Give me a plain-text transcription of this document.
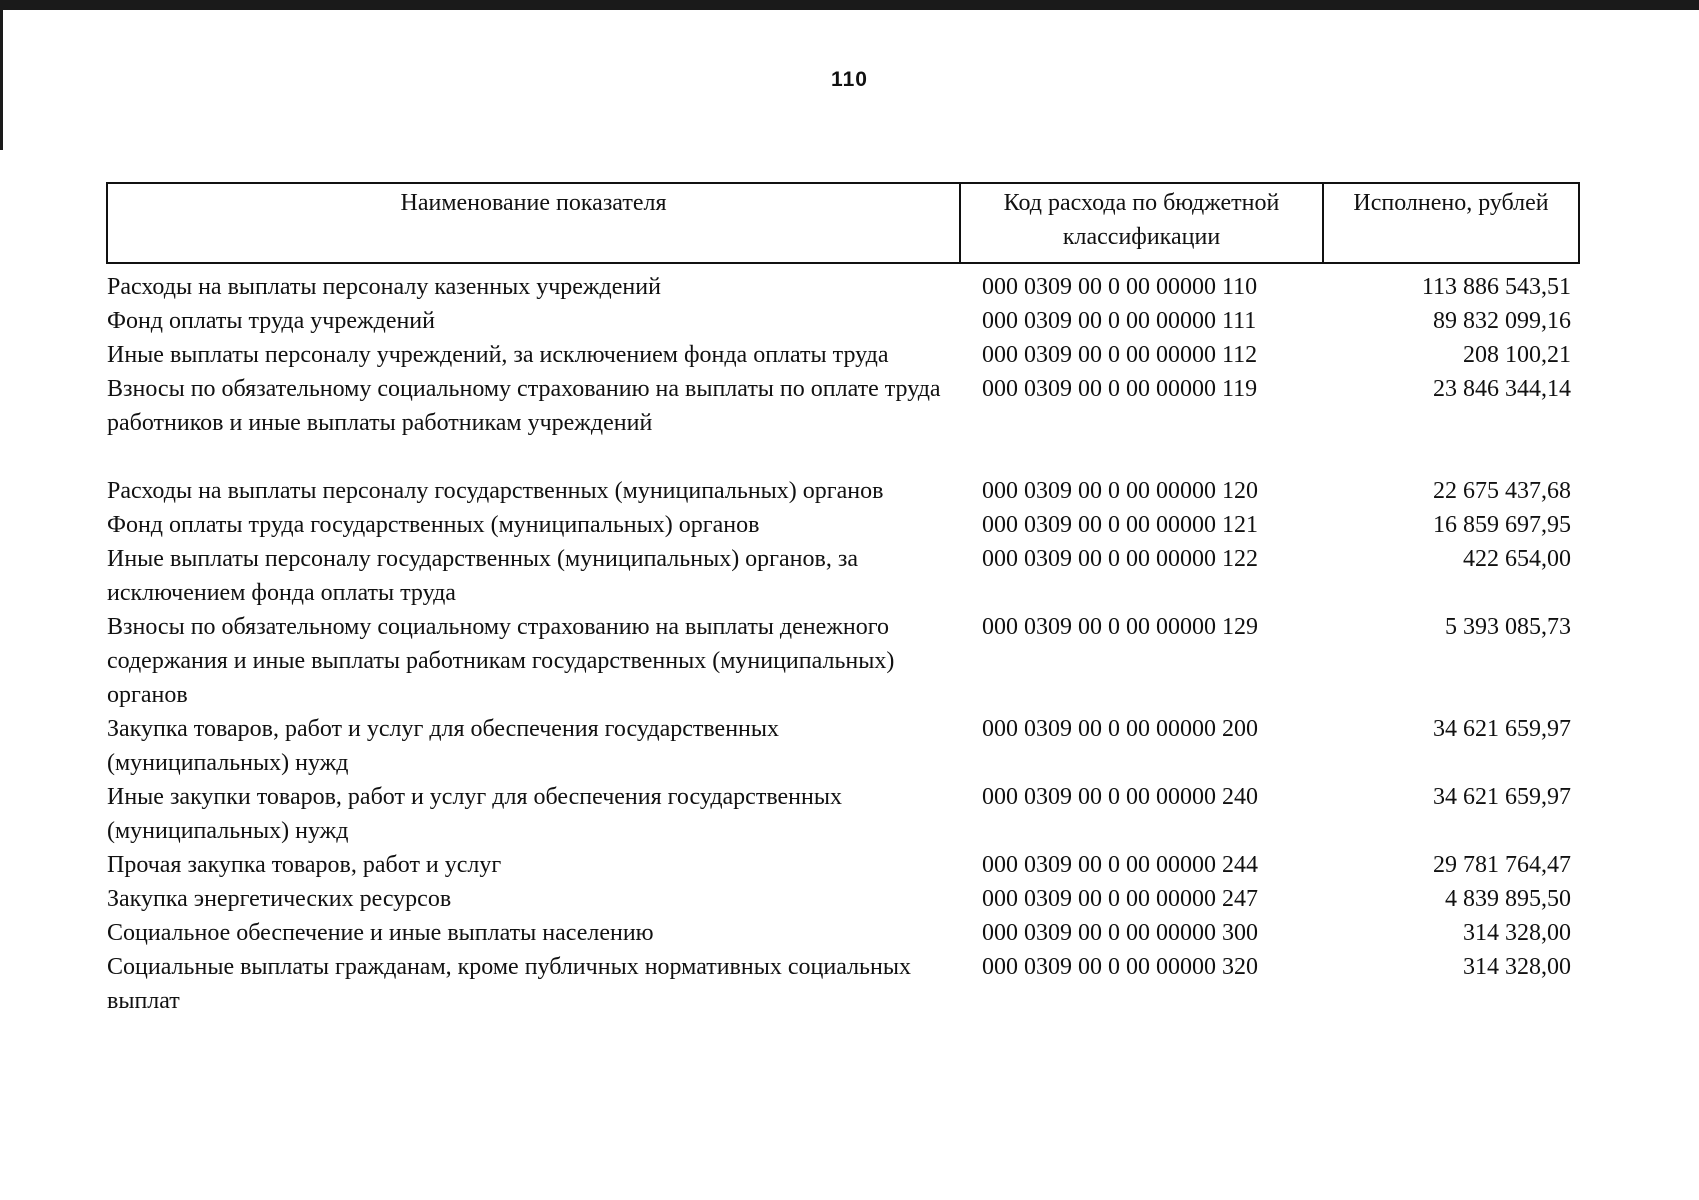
110
Наименование показателя	Код расхода по бюджетной классификации	Исполнено, рублей
Расходы на выплаты персоналу казенных учреждений	000 0309 00 0 00 00000 110	113 886 543,51
Фонд оплаты труда учреждений	000 0309 00 0 00 00000 111	89 832 099,16
Иные выплаты персоналу учреждений, за исключением фонда оплаты труда	000 0309 00 0 00 00000 112	208 100,21
Взносы по обязательному социальному страхованию на выплаты по оплате труда работников и иные выплаты работникам учреждений	000 0309 00 0 00 00000 119	23 846 344,14
Расходы на выплаты персоналу государственных (муниципальных) органов	000 0309 00 0 00 00000 120	22 675 437,68
Фонд оплаты труда государственных (муниципальных) органов	000 0309 00 0 00 00000 121	16 859 697,95
Иные выплаты персоналу государственных (муниципальных) органов, за исключением фонда оплаты труда	000 0309 00 0 00 00000 122	422 654,00
Взносы по обязательному социальному страхованию на выплаты денежного содержания и иные выплаты работникам государственных (муниципальных) органов	000 0309 00 0 00 00000 129	5 393 085,73
Закупка товаров, работ и услуг для обеспечения государственных (муниципальных) нужд	000 0309 00 0 00 00000 200	34 621 659,97
Иные закупки товаров, работ и услуг для обеспечения государственных (муниципальных) нужд	000 0309 00 0 00 00000 240	34 621 659,97
Прочая закупка товаров, работ и услуг	000 0309 00 0 00 00000 244	29 781 764,47
Закупка энергетических ресурсов	000 0309 00 0 00 00000 247	4 839 895,50
Социальное обеспечение и иные выплаты населению	000 0309 00 0 00 00000 300	314 328,00
Социальные выплаты гражданам, кроме публичных нормативных социальных выплат	000 0309 00 0 00 00000 320	314 328,00
